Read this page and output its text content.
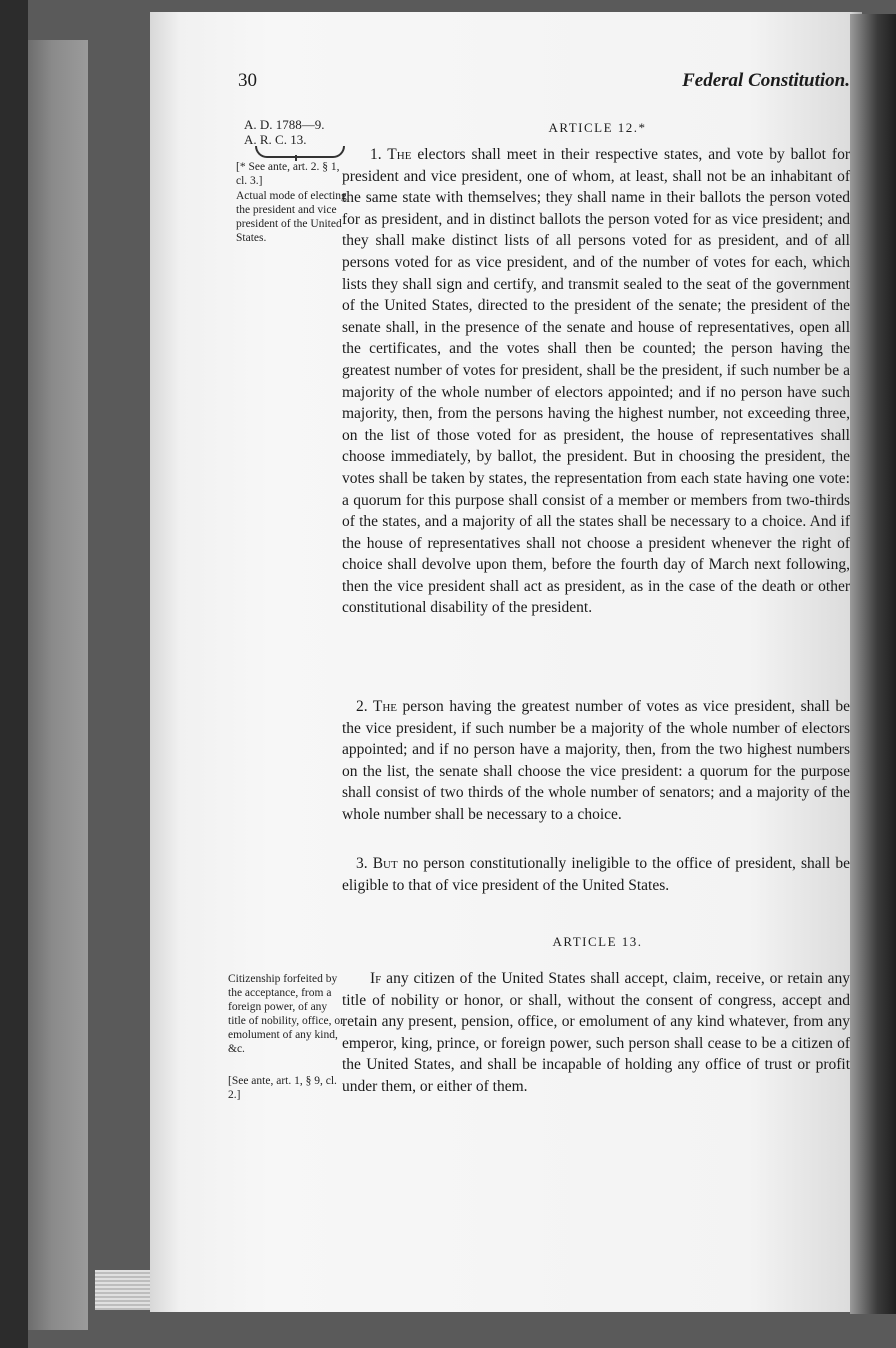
30	Federal Constitution.
A. D. 1788—9.
A. R. C. 13.
[* See ante, art. 2. § 1, cl. 3.]
Actual mode of electing the president and vice president of the United States.
ARTICLE 12.*
1. The electors shall meet in their respective states, and vote by ballot for president and vice president, one of whom, at least, shall not be an inhabitant of the same state with themselves; they shall name in their ballots the person voted for as president, and in distinct ballots the person voted for as vice president; and they shall make distinct lists of all persons voted for as president, and of all persons voted for as vice president, and of the number of votes for each, which lists they shall sign and certify, and transmit sealed to the seat of the government of the United States, directed to the president of the senate; the president of the senate shall, in the presence of the senate and house of representatives, open all the certificates, and the votes shall then be counted; the person having the greatest number of votes for president, shall be the president, if such number be a majority of the whole number of electors appointed; and if no person have such majority, then, from the persons having the highest number, not exceeding three, on the list of those voted for as president, the house of representatives shall choose immediately, by ballot, the president. But in choosing the president, the votes shall be taken by states, the representation from each state having one vote: a quorum for this purpose shall consist of a member or members from two-thirds of the states, and a majority of all the states shall be necessary to a choice. And if the house of representatives shall not choose a president whenever the right of choice shall devolve upon them, before the fourth day of March next following, then the vice president shall act as president, as in the case of the death or other constitutional disability of the president.
2. The person having the greatest number of votes as vice president, shall be the vice president, if such number be a majority of the whole number of electors appointed; and if no person have a majority, then, from the two highest numbers on the list, the senate shall choose the vice president: a quorum for the purpose shall consist of two thirds of the whole number of senators; and a majority of the whole number shall be necessary to a choice.
3. But no person constitutionally ineligible to the office of president, shall be eligible to that of vice president of the United States.
ARTICLE 13.
Citizenship forfeited by the acceptance, from a foreign power, of any title of nobility, office, or emolument of any kind, &c.
[See ante, art. 1, § 9, cl. 2.]
If any citizen of the United States shall accept, claim, receive, or retain any title of nobility or honor, or shall, without the consent of congress, accept and retain any present, pension, office, or emolument of any kind whatever, from any emperor, king, prince, or foreign power, such person shall cease to be a citizen of the United States, and shall be incapable of holding any office of trust or profit under them, or either of them.
